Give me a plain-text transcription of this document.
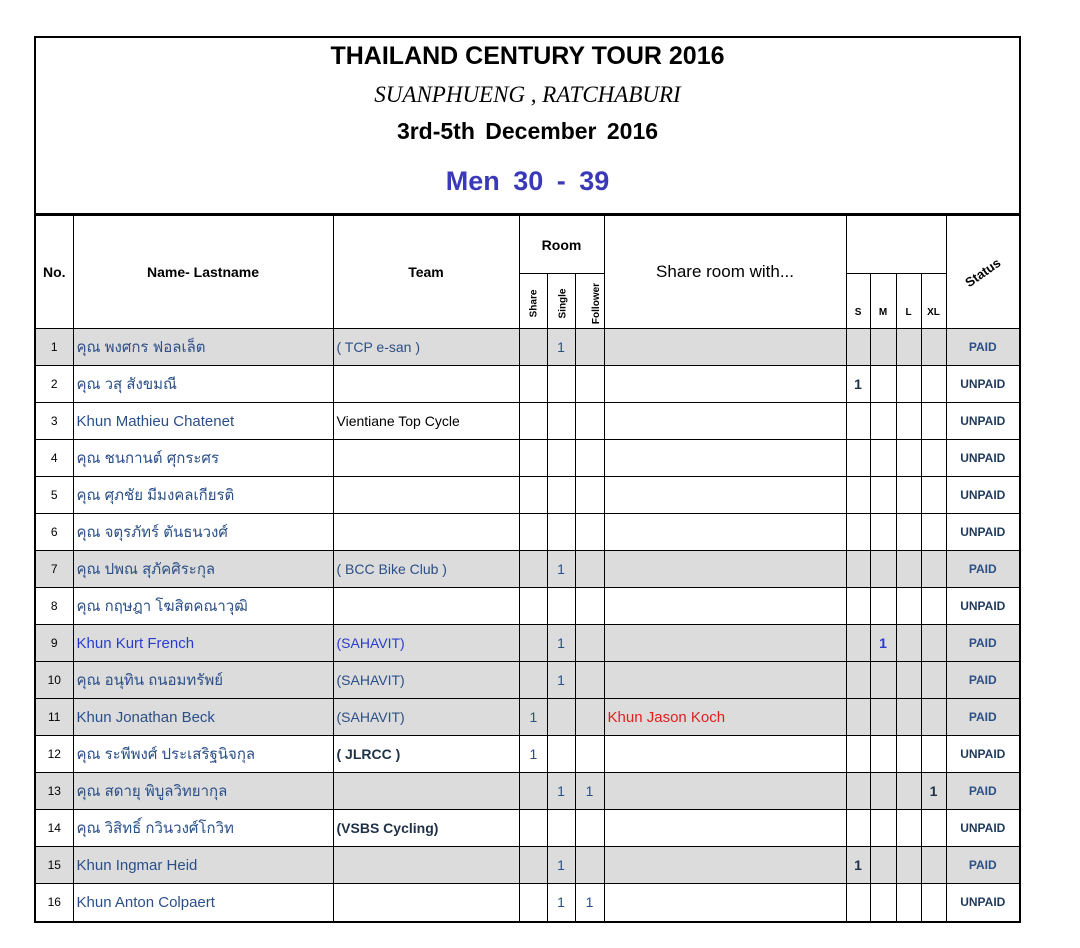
THAILAND CENTURY TOUR 2016
SUANPHUENG , RATCHABURI
3rd-5th December 2016
Men 30 - 39
No.	Name- Lastname	Team	Room			Share room with...					Status
			Share	Single	Follower		S	M	L	XL	
1	คุณ พงศกร ฟอลเล็ต	( TCP e-san )		1							PAID
2	คุณ วสุ สังขมณี						1				UNPAID
3	Khun Mathieu Chatenet	Vientiane Top Cycle									UNPAID
4	คุณ ชนกานต์ ศุกระศร										UNPAID
5	คุณ ศุภชัย มีมงคลเกียรติ										UNPAID
6	คุณ จตุรภัทร์ ตันธนวงศ์										UNPAID
7	คุณ ปพณ สุภัคศิระกุล	( BCC Bike Club )		1							PAID
8	คุณ กฤษฎา โฆสิตคณาวุฒิ										UNPAID
9	Khun Kurt French	(SAHAVIT)		1				1			PAID
10	คุณ อนุทิน ถนอมทรัพย์	(SAHAVIT)		1							PAID
11	Khun Jonathan Beck	(SAHAVIT)	1			Khun Jason Koch					PAID
12	คุณ ระพีพงศ์ ประเสริฐนิจกุล	( JLRCC )	1								UNPAID
13	คุณ สดายุ พิบูลวิทยากุล			1	1					1	PAID
14	คุณ วิสิทธิ์ กวินวงศ์โกวิท	(VSBS Cycling)									UNPAID
15	Khun Ingmar Heid			1			1				PAID
16	Khun Anton Colpaert			1	1						UNPAID
